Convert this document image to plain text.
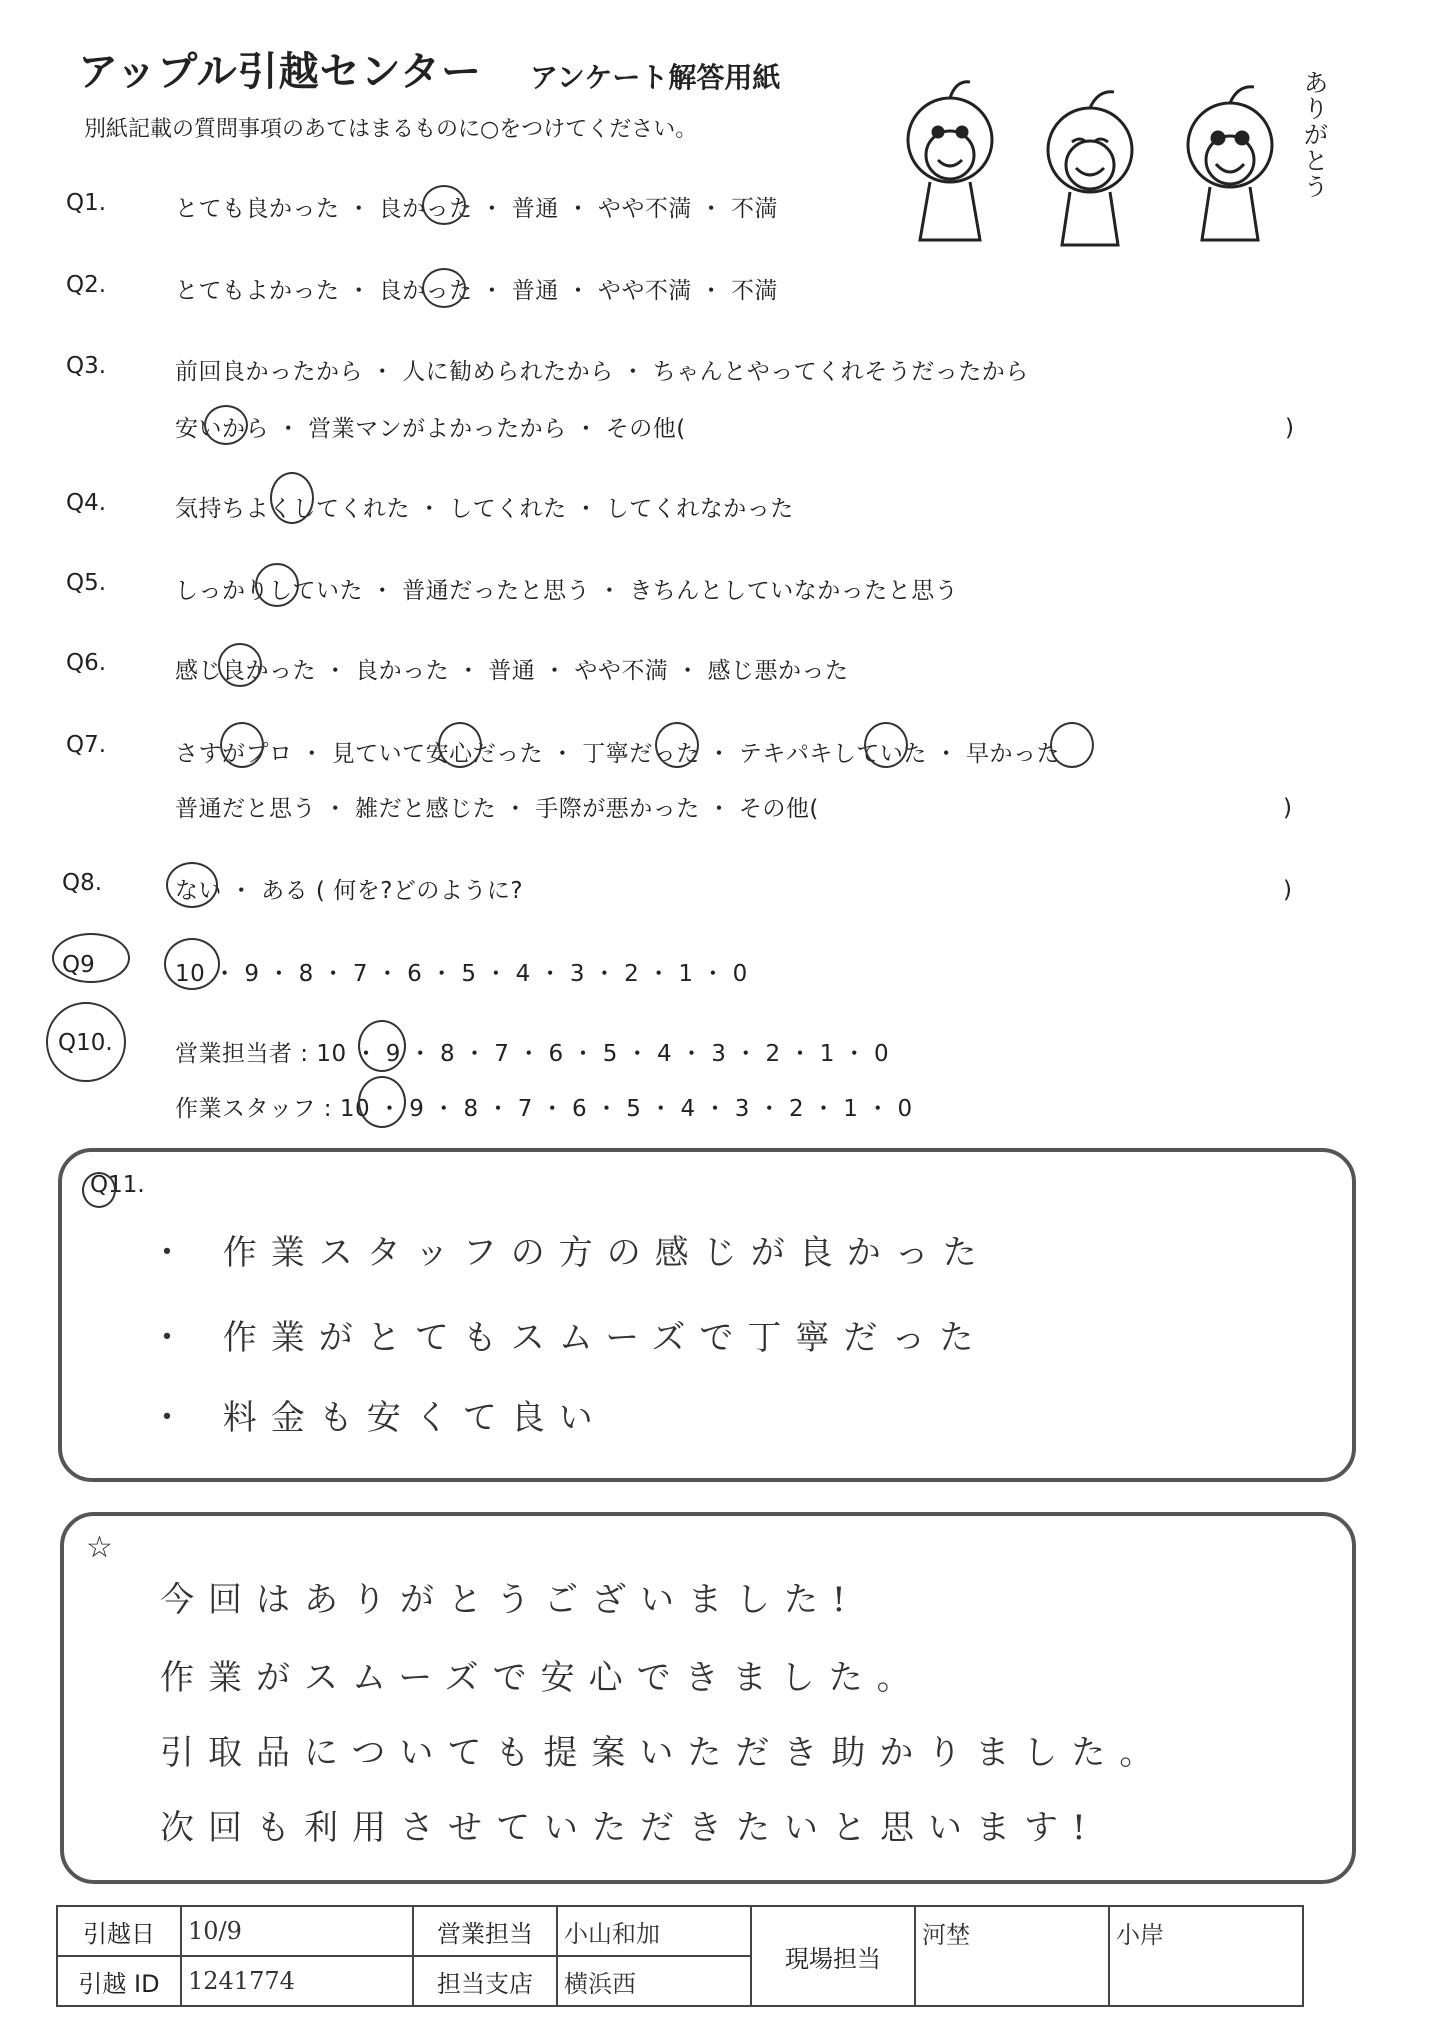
アップル引越センター アンケート解答用紙
別紙記載の質問事項のあてはまるものに○をつけてください。
ありがとう
Q1.	とても良かった ・ 良かった ・ 普通 ・ やや不満 ・ 不満
Q2.	とてもよかった ・ 良かった ・ 普通 ・ やや不満 ・ 不満
Q3.	前回良かったから ・ 人に勧められたから ・ ちゃんとやってくれそうだったから
安いから ・ 営業マンがよかったから ・ その他(	)
Q4.	気持ちよくしてくれた ・ してくれた ・ してくれなかった
Q5.	しっかりしていた ・ 普通だったと思う ・ きちんとしていなかったと思う
Q6.	感じ良かった ・ 良かった ・ 普通 ・ やや不満 ・ 感じ悪かった
Q7.	さすがプロ ・ 見ていて安心だった ・ 丁寧だった ・ テキパキしていた ・ 早かった
普通だと思う ・ 雑だと感じた ・ 手際が悪かった ・ その他(	)
Q8.	ない ・ ある ( 何を?どのように?	)
Q9	10 ・ 9 ・ 8 ・ 7 ・ 6 ・ 5 ・ 4 ・ 3 ・ 2 ・ 1 ・ 0
Q10.	営業担当者 : 10 ・ 9 ・ 8 ・ 7 ・ 6 ・ 5 ・ 4 ・ 3 ・ 2 ・ 1 ・ 0
作業スタッフ : 10 ・ 9 ・ 8 ・ 7 ・ 6 ・ 5 ・ 4 ・ 3 ・ 2 ・ 1 ・ 0
Q11.
・ 作業スタッフの方の感じが良かった
・ 作業がとてもスムーズで丁寧だった
・ 料金も安くて良い
☆
今回はありがとうございました!
作業がスムーズで安心できました。
引取品についても提案いただき助かりました。
次回も利用させていただきたいと思います!
引越日	10/9	営業担当	小山和加	現場担当	河埜	小岸
引越 ID	1241774	担当支店	横浜西			
